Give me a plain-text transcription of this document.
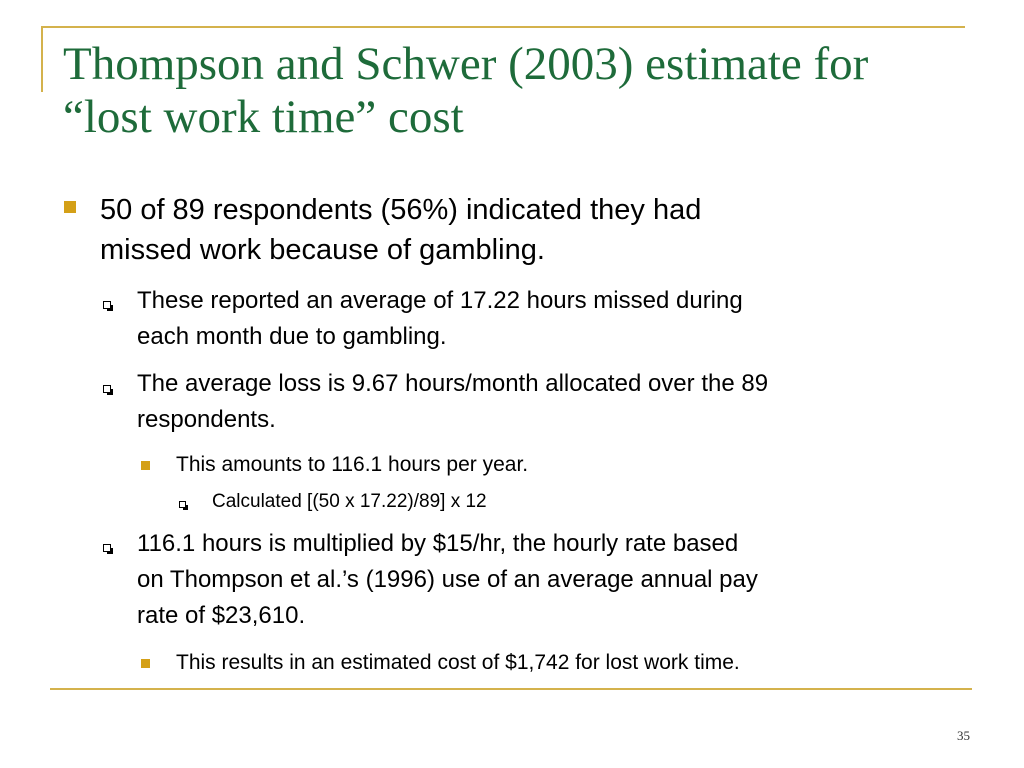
Thompson and Schwer (2003) estimate for
“lost work time” cost

50 of 89 respondents (56%) indicated they had
missed work because of gambling.

These reported an average of 17.22 hours missed during
each month due to gambling.

The average loss is 9.67 hours/month allocated over the 89
respondents.

This amounts to 116.1 hours per year.

Calculated [(50 x 17.22)/89] x 12

116.1 hours is multiplied by $15/hr, the hourly rate based
on Thompson et al.’s (1996) use of an average annual pay
rate of $23,610.

This results in an estimated cost of $1,742 for lost work time.

35
